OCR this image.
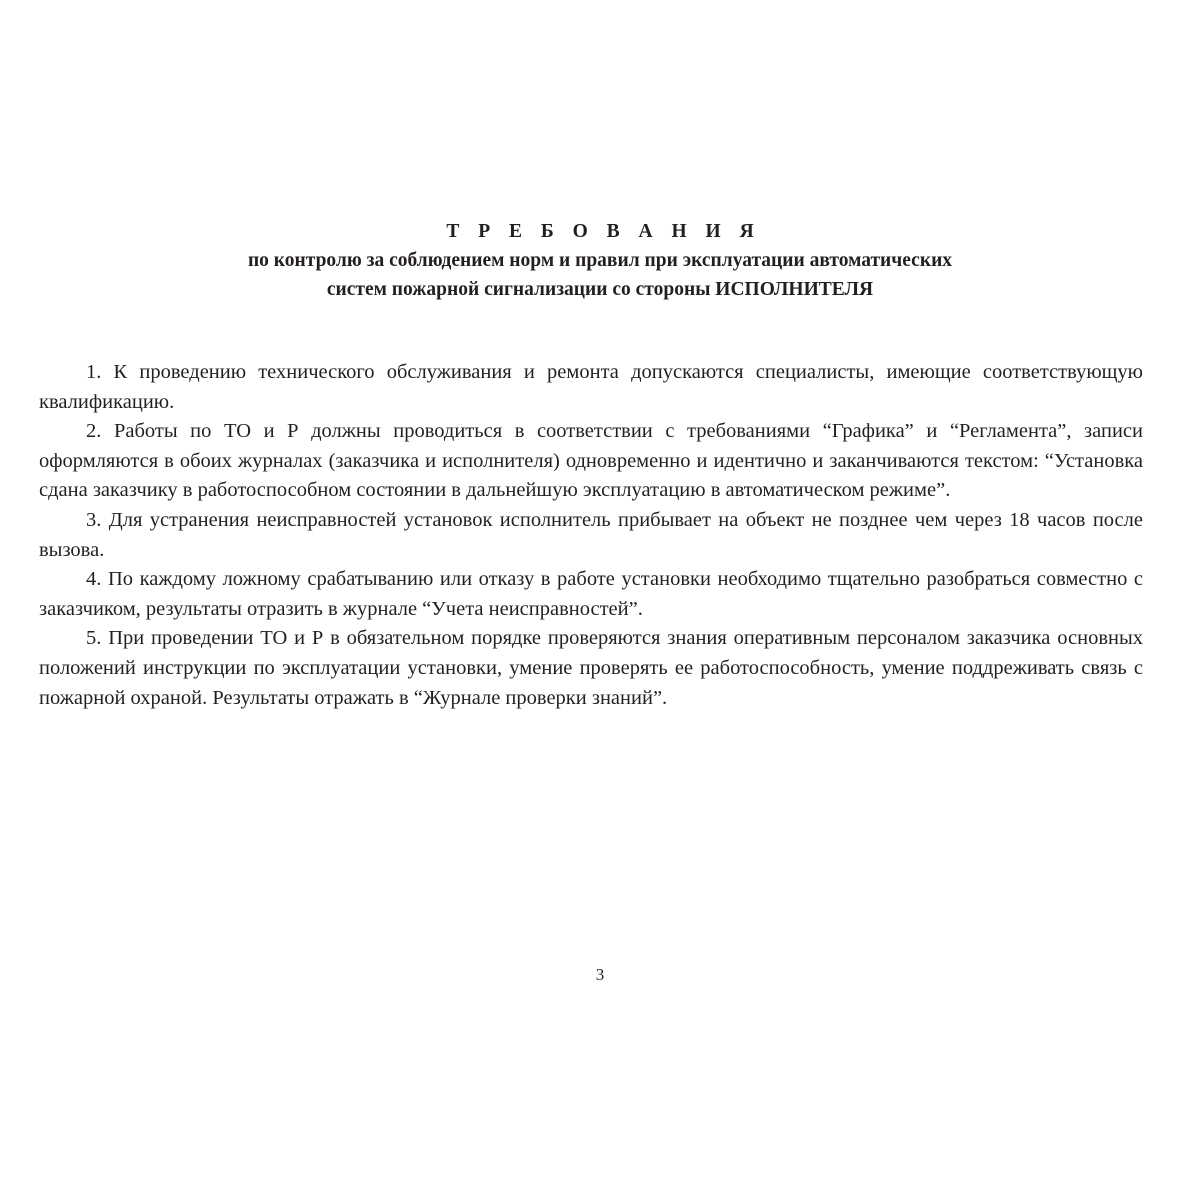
Т Р Е Б О В А Н И Я
по контролю за соблюдением норм и правил при эксплуатации автоматических
систем пожарной сигнализации со стороны ИСПОЛНИТЕЛЯ

1. К проведению технического обслуживания и ремонта допускаются специалисты, имеющие соответствующую квалификацию.

2. Работы по ТО и Р должны проводиться в соответствии с требованиями “Графика” и “Регламента”, записи оформляются в обоих журналах (заказчика и исполнителя) одновременно и идентично и заканчиваются текстом: “Установка сдана заказчику в работоспособном состоянии в дальнейшую эксплуатацию в автоматическом режиме”.

3. Для устранения неисправностей установок исполнитель прибывает на объект не позднее чем через 18 часов после вызова.

4. По каждому ложному срабатыванию или отказу в работе установки необходимо тщательно разобраться совместно с заказчиком, результаты отразить в журнале “Учета неисправностей”.

5. При проведении ТО и Р в обязательном порядке проверяются знания оперативным персоналом заказчика основных положений инструкции по эксплуатации установки, умение проверять ее работоспособность, умение поддреживать связь с пожарной охраной. Результаты отражать в “Журнале проверки знаний”.

3
